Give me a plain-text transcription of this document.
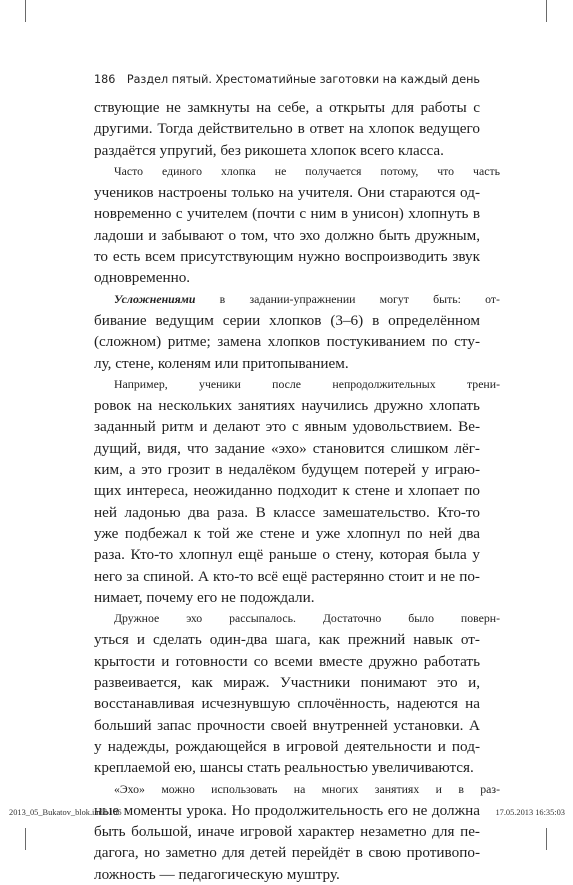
186 Раздел пятый. Хрестоматийные заготовки на каждый день
ствующие не замкнуты на себе, а открыты для работы с
другими. Тогда действительно в ответ на хлопок ведущего
раздаётся упругий, без рикошета хлопок всего класса.
Часто единого хлопка не получается потому, что часть
учеников настроены только на учителя. Они стараются од-
новременно с учителем (почти с ним в унисон) хлопнуть в
ладоши и забывают о том, что эхо должно быть дружным,
то есть всем присутствующим нужно воспроизводить звук
одновременно.
Усложнениями в задании-упражнении могут быть: от-
бивание ведущим серии хлопков (3–6) в определённом
(сложном) ритме; замена хлопков постукиванием по сту-
лу, стене, коленям или притопыванием.
Например, ученики после непродолжительных трени-
ровок на нескольких занятиях научились дружно хлопать
заданный ритм и делают это с явным удовольствием. Ве-
дущий, видя, что задание «эхо» становится слишком лёг-
ким, а это грозит в недалёком будущем потерей у играю-
щих интереса, неожиданно подходит к стене и хлопает по
ней ладонью два раза. В классе замешательство. Кто-то
уже подбежал к той же стене и уже хлопнул по ней два
раза. Кто-то хлопнул ещё раньше о стену, которая была у
него за спиной. А кто-то всё ещё растерянно стоит и не по-
нимает, почему его не подождали.
Дружное эхо рассыпалось. Достаточно было поверн-
уться и сделать один-два шага, как прежний навык от-
крытости и готовности со всеми вместе дружно работать
развеивается, как мираж. Участники понимают это и,
восстанавливая исчезнувшую сплочённость, надеются на
больший запас прочности своей внутренней установки. А
у надежды, рождающейся в игровой деятельности и под-
креплаемой ею, шансы стать реальностью увеличиваются.
«Эхо» можно использовать на многих занятиях и в раз-
ные моменты урока. Но продолжительность его не должна
быть большой, иначе игровой характер незаметно для пе-
дагога, но заметно для детей перейдёт в свою противопо-
ложность — педагогическую муштру.
2013_05_Bukatov_blok.indd 186	17.05.2013 16:35:03
